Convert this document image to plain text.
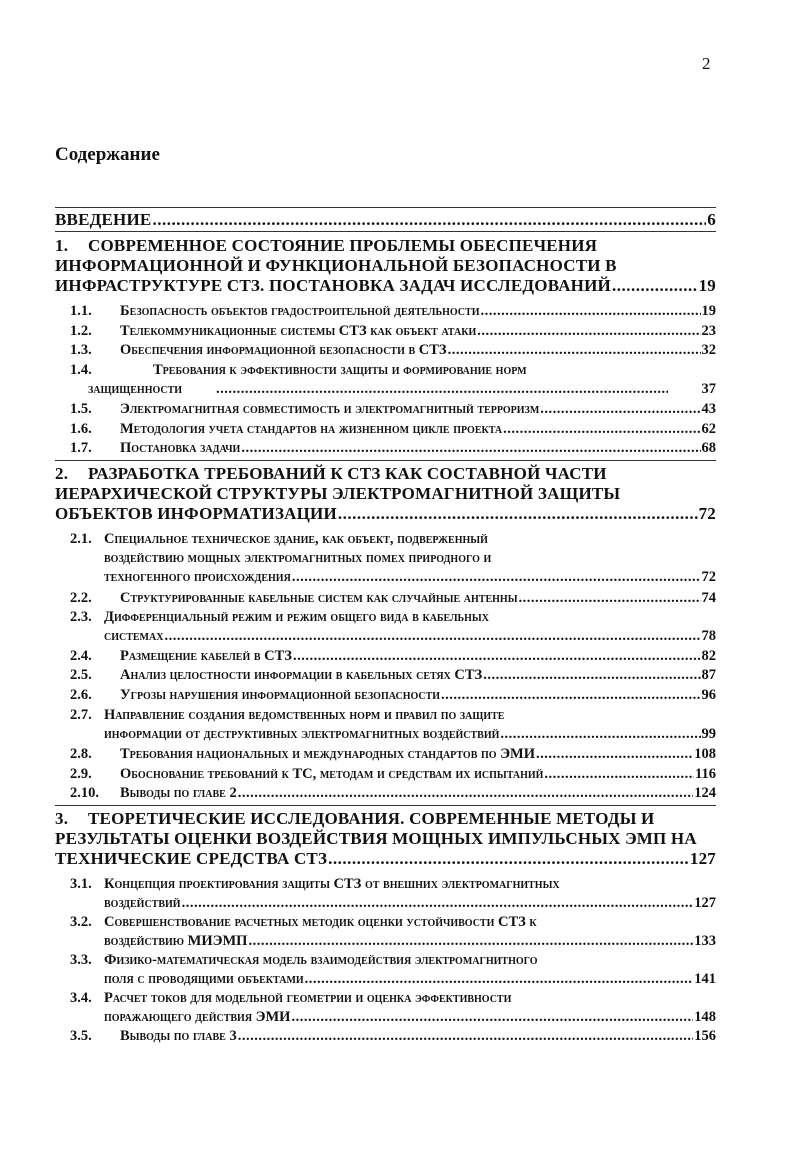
2
Содержание
ВВЕДЕНИЕ .....	6
1. СОВРЕМЕННОЕ СОСТОЯНИЕ ПРОБЛЕМЫ ОБЕСПЕЧЕНИЯ
ИНФОРМАЦИОННОЙ И ФУНКЦИОНАЛЬНОЙ БЕЗОПАСНОСТИ В
ИНФРАСТРУКТУРЕ СТЗ. ПОСТАНОВКА ЗАДАЧ ИССЛЕДОВАНИЙ .....	19
1.1.	Безопасность объектов градостроительной деятельности .....	19
1.2.	Телекоммуникационные системы СТЗ как объект атаки .....	23
1.3.	Обеспечения информационной безопасности в СТЗ .....	32
1.4.	Требования к эффективности защиты и формирование норм
защищенности .....	37
1.5.	Электромагнитная совместимость и электромагнитный терроризм .....	43
1.6.	Методология учета стандартов на жизненном цикле проекта .....	62
1.7.	Постановка задачи .....	68
2. РАЗРАБОТКА ТРЕБОВАНИЙ К СТЗ КАК СОСТАВНОЙ ЧАСТИ
ИЕРАРХИЧЕСКОЙ СТРУКТУРЫ ЭЛЕКТРОМАГНИТНОЙ ЗАЩИТЫ
ОБЪЕКТОВ ИНФОРМАТИЗАЦИИ .....	72
2.1. Специальное техническое здание, как объект, подверженный
воздействию мощных электромагнитных помех природного и
техногенного происхождения .....	72
2.2.	Структурированные кабельные систем как случайные антенны .....	74
2.3. Дифференциальный режим и режим общего вида в кабельных
системах .....	78
2.4.	Размещение кабелей в СТЗ .....	82
2.5.	Анализ целостности информации в кабельных сетях СТЗ .....	87
2.6.	Угрозы нарушения информационной безопасности .....	96
2.7. Направление создания ведомственных норм и правил по защите
информации от деструктивных электромагнитных воздействий .....	99
2.8.	Требования национальных и международных стандартов по ЭМИ .....	108
2.9.	Обоснование требований к ТС, методам и средствам их испытаний .....	116
2.10.	Выводы по главе 2 .....	124
3. ТЕОРЕТИЧЕСКИЕ ИССЛЕДОВАНИЯ. СОВРЕМЕННЫЕ МЕТОДЫ И
РЕЗУЛЬТАТЫ ОЦЕНКИ ВОЗДЕЙСТВИЯ МОЩНЫХ ИМПУЛЬСНЫХ ЭМП НА
ТЕХНИЧЕСКИЕ СРЕДСТВА СТЗ .....	127
3.1. Концепция проектирования защиты СТЗ от внешних электромагнитных
воздействий .....	127
3.2. Совершенствование расчетных методик оценки устойчивости СТЗ к
воздействию МИЭМП .....	133
3.3. Физико-математическая модель взаимодействия электромагнитного
поля с проводящими объектами .....	141
3.4. Расчет токов для модельной геометрии и оценка эффективности
поражающего действия ЭМИ .....	148
3.5.	Выводы по главе 3 .....	156
